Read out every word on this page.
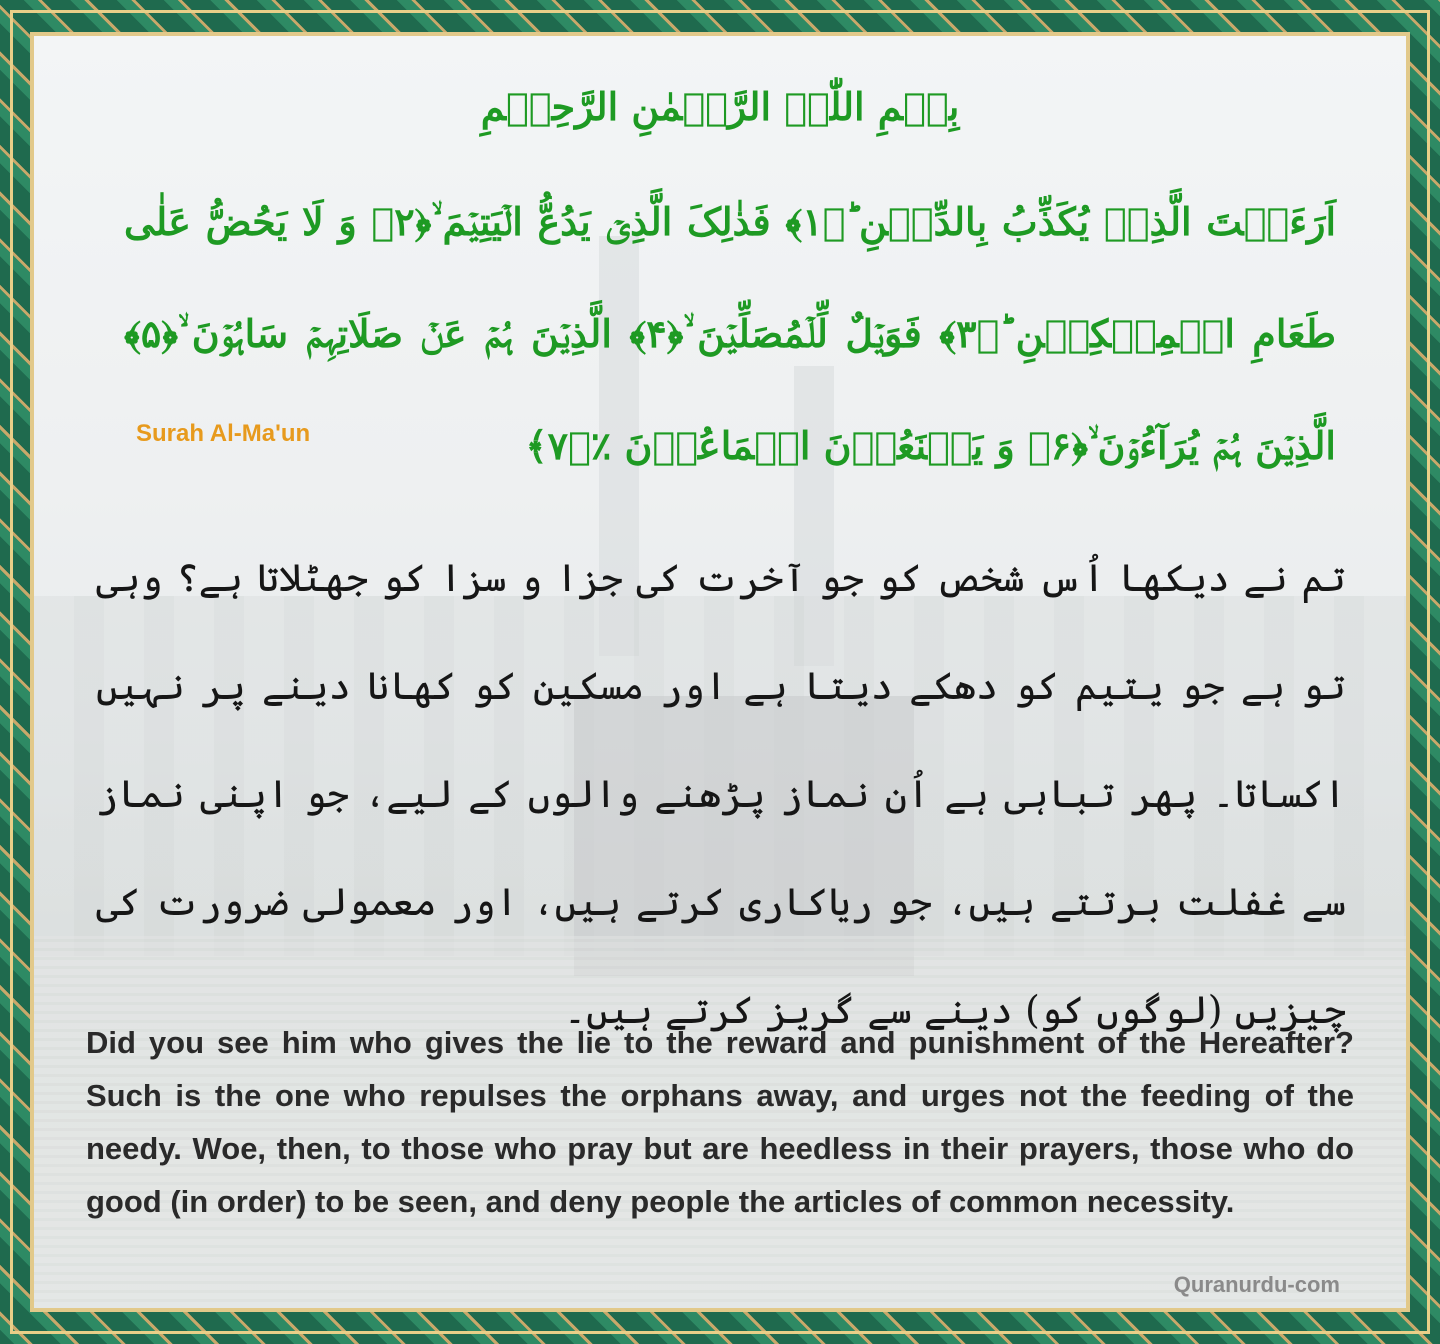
بِسۡمِ اللّٰہِ الرَّحۡمٰنِ الرَّحِیۡمِ
اَرَءَیۡتَ الَّذِیۡ یُکَذِّبُ بِالدِّیۡنِ ؕ﴿۱﴾ فَذٰلِکَ الَّذِیۡ یَدُعُّ الۡیَتِیۡمَ ۙ﴿۲﴾ وَ لَا یَحُضُّ عَلٰی طَعَامِ الۡمِسۡکِیۡنِ ؕ﴿۳﴾ فَوَیۡلٌ لِّلۡمُصَلِّیۡنَ ۙ﴿۴﴾ الَّذِیۡنَ ہُمۡ عَنۡ صَلَاتِہِمۡ سَاہُوۡنَ ۙ﴿۵﴾ الَّذِیۡنَ ہُمۡ یُرَآءُوۡنَ ۙ﴿۶﴾ وَ یَمۡنَعُوۡنَ الۡمَاعُوۡنَ ٪﴿۷﴾
Surah Al-Ma'un
تم نے دیکھا اُس شخص کو جو آخرت کی جزا و سزا کو جھٹلاتا ہے؟ وہی تو ہے جو یتیم کو دھکے دیتا ہے اور مسکین کو کھانا دینے پر نہیں اکساتا۔ پھر تباہی ہے اُن نماز پڑھنے والوں کے لیے، جو اپنی نماز سے غفلت برتتے ہیں، جو ریاکاری کرتے ہیں، اور معمولی ضرورت کی چیزیں (لوگوں کو) دینے سے گریز کرتے ہیں۔
Did you see him who gives the lie to the reward and punishment of the Hereafter? Such is the one who repulses the orphans away, and urges not the feeding of the needy. Woe, then, to those who pray but are heedless in their prayers, those who do good (in order) to be seen, and deny people the articles of common necessity.
Quranurdu-com
